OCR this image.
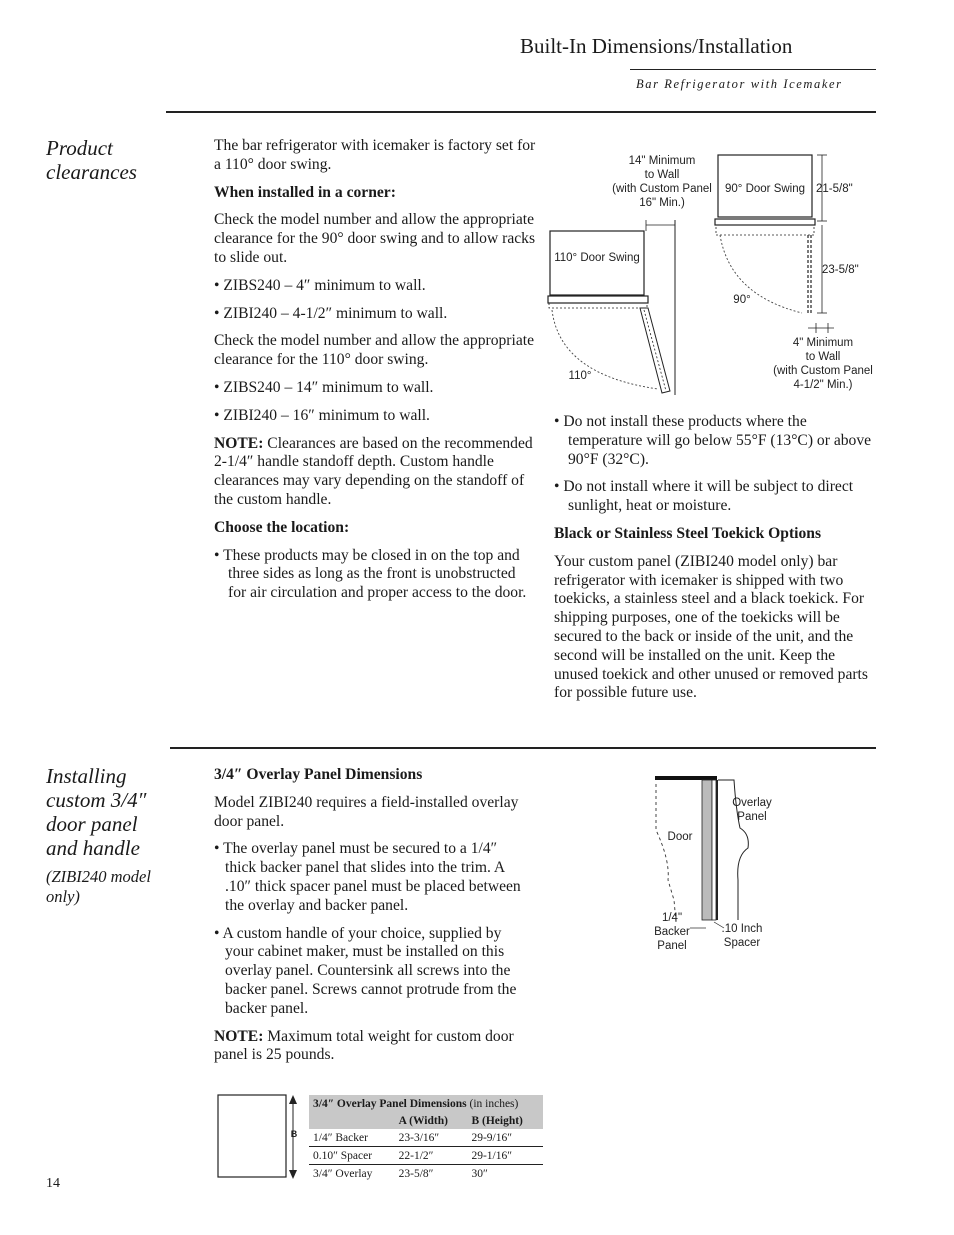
Built-In Dimensions/Installation
Bar Refrigerator with Icemaker
Product
clearances

The bar refrigerator with icemaker is factory set for a 110° door swing.

When installed in a corner:

Check the model number and allow the appropriate clearance for the 90° door swing and to allow racks to slide out.

• ZIBS240 – 4″ minimum to wall.

• ZIBI240 – 4-1/2″ minimum to wall.

Check the model number and allow the appropriate clearance for the 110° door swing.

• ZIBS240 – 14″ minimum to wall.

• ZIBI240 – 16″ minimum to wall.

NOTE: Clearances are based on the recommended 2-1/4″ handle standoff depth. Custom handle clearances may vary depending on the standoff of the custom handle.

Choose the location:

• These products may be closed in on the top and three sides as long as the front is unobstructed for air circulation and proper access to the door.

14" Minimum
to Wall
(with Custom Panel
16" Min.)
90° Door Swing 21-5/8"
110° Door Swing
23-5/8"
90°
110°
4" Minimum
to Wall
(with Custom Panel
4-1/2" Min.)

• Do not install these products where the temperature will go below 55°F (13°C) or above 90°F (32°C).

• Do not install where it will be subject to direct sunlight, heat or moisture.

Black or Stainless Steel Toekick Options

Your custom panel (ZIBI240 model only) bar refrigerator with icemaker is shipped with two toekicks, a stainless steel and a black toekick. For shipping purposes, one of the toekicks will be secured to the back or inside of the unit, and the second will be installed on the unit. Keep the unused toekick and other unused or removed parts for possible future use.

Installing
custom 3/4″
door panel
and handle
(ZIBI240 model
only)

3/4″ Overlay Panel Dimensions

Model ZIBI240 requires a field-installed overlay door panel.

• The overlay panel must be secured to a 1/4″ thick backer panel that slides into the trim. A .10″ thick spacer panel must be placed between the overlay and backer panel.

• A custom handle of your choice, supplied by your cabinet maker, must be installed on this overlay panel. Countersink all screws into the backer panel. Screws cannot protrude from the backer panel.

NOTE: Maximum total weight for custom door panel is 25 pounds.

Overlay
Panel
Door
1/4"
Backer
Panel
.10 Inch
Spacer
B
3/4″ Overlay Panel Dimensions (in inches)		
	A (Width)	B (Height)
1/4″ Backer	23-3/16″	29-9/16″
0.10″ Spacer	22-1/2″	29-1/16″
3/4″ Overlay	23-5/8″	30″
14
